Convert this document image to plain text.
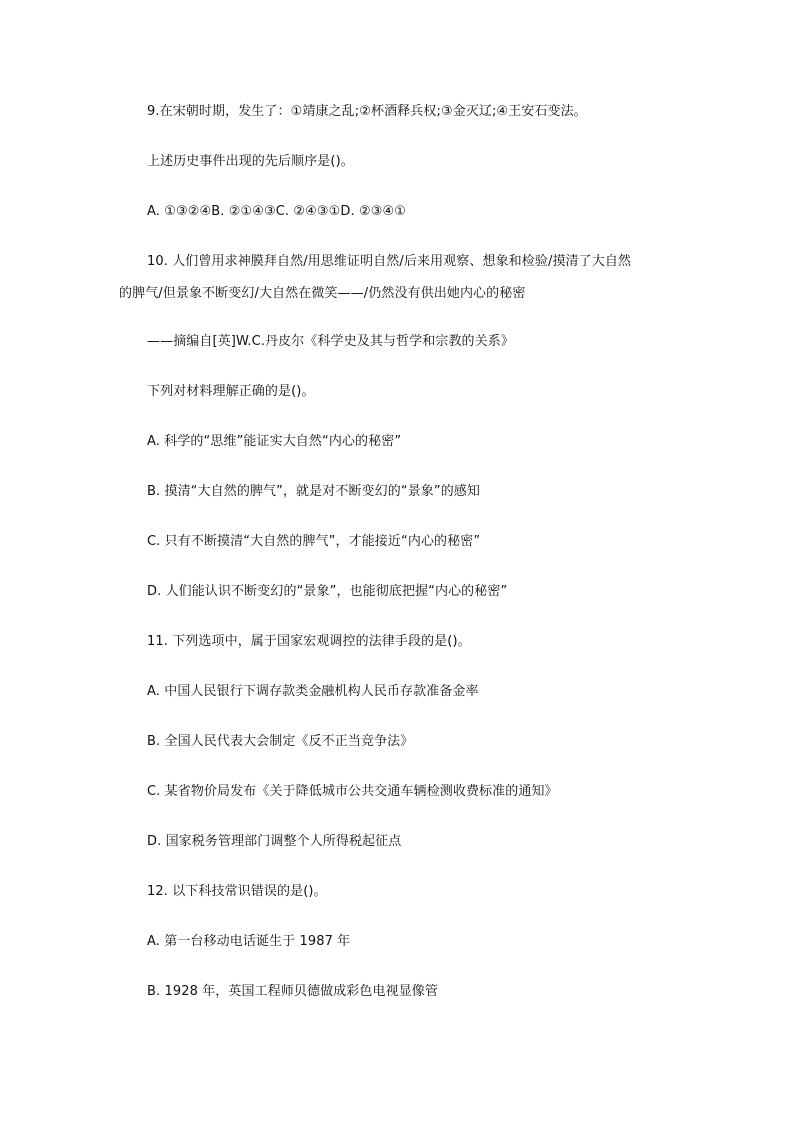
9.在宋朝时期，发生了：①靖康之乱;②杯酒释兵权;③金灭辽;④王安石变法。
上述历史事件出现的先后顺序是()。
A. ①③②④B. ②①④③C. ②④③①D. ②③④①
10. 人们曾用求神膜拜自然/用思维证明自然/后来用观察、想象和检验/摸清了大自然
的脾气/但景象不断变幻/大自然在微笑——/仍然没有供出她内心的秘密
——摘编自[英]W.C.丹皮尔《科学史及其与哲学和宗教的关系》
下列对材料理解正确的是()。
A. 科学的“思维”能证实大自然“内心的秘密”
B. 摸清“大自然的脾气”，就是对不断变幻的“景象”的感知
C. 只有不断摸清“大自然的脾气”，才能接近“内心的秘密”
D. 人们能认识不断变幻的“景象”，也能彻底把握“内心的秘密”
11. 下列选项中，属于国家宏观调控的法律手段的是()。
A. 中国人民银行下调存款类金融机构人民币存款准备金率
B. 全国人民代表大会制定《反不正当竞争法》
C. 某省物价局发布《关于降低城市公共交通车辆检测收费标准的通知》
D. 国家税务管理部门调整个人所得税起征点
12. 以下科技常识错误的是()。
A. 第一台移动电话诞生于 1987 年
B. 1928 年，英国工程师贝德做成彩色电视显像管
